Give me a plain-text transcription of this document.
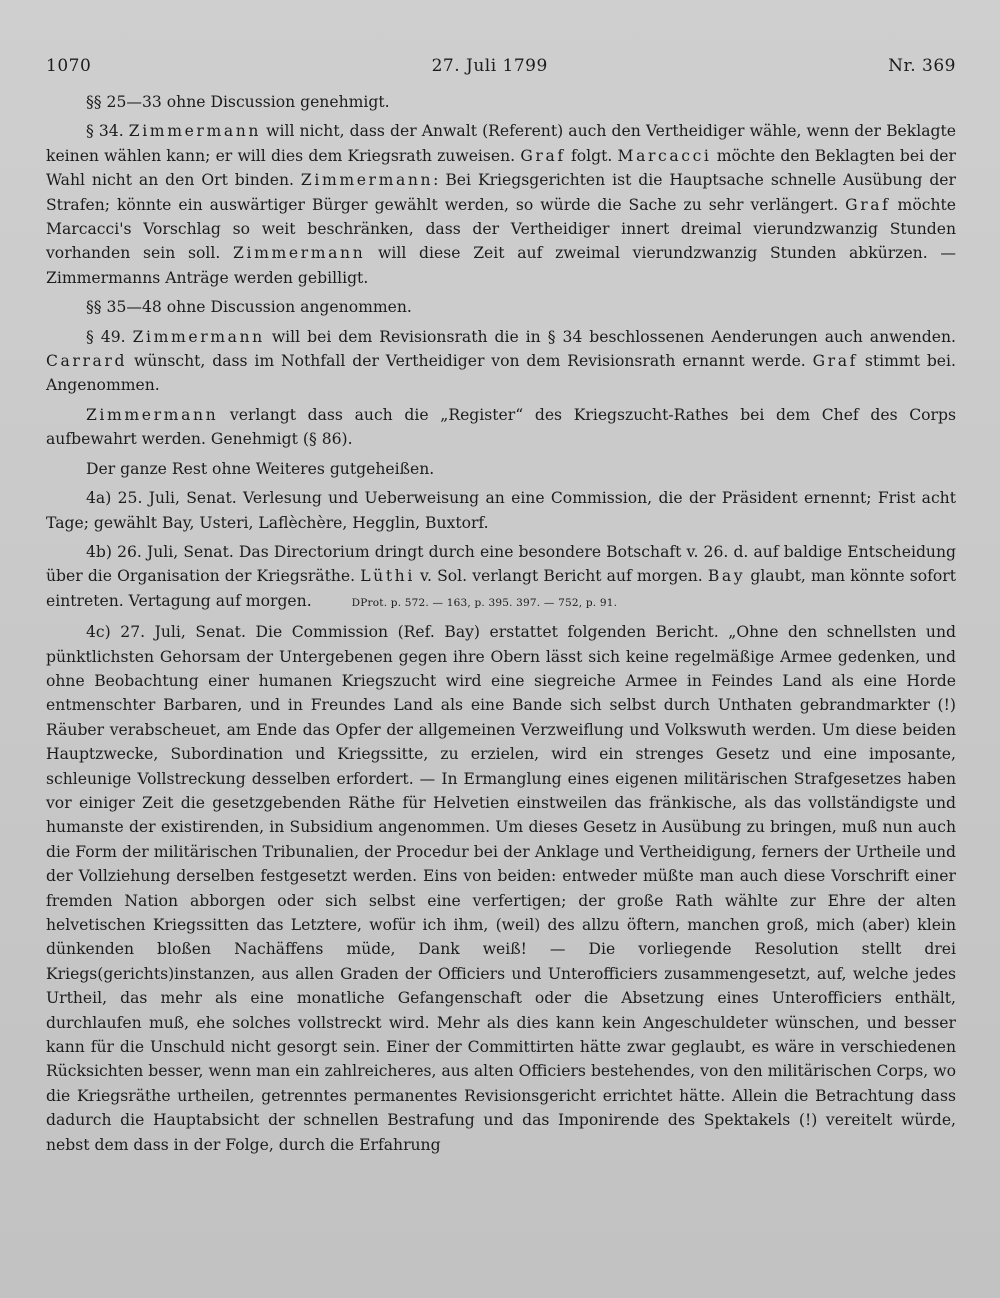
1070	27. Juli 1799	Nr. 369

§§ 25—33 ohne Discussion genehmigt.

§ 34. Zimmermann will nicht, dass der Anwalt (Referent) auch den Vertheidiger wähle, wenn der Beklagte keinen wählen kann; er will dies dem Kriegsrath zuweisen. Graf folgt. Marcacci möchte den Beklagten bei der Wahl nicht an den Ort binden. Zimmermann: Bei Kriegsgerichten ist die Hauptsache schnelle Ausübung der Strafen; könnte ein auswärtiger Bürger gewählt werden, so würde die Sache zu sehr verlängert. Graf möchte Marcacci's Vorschlag so weit beschränken, dass der Vertheidiger innert dreimal vierundzwanzig Stunden vorhanden sein soll. Zimmermann will diese Zeit auf zweimal vierundzwanzig Stunden abkürzen. — Zimmermanns Anträge werden gebilligt.

§§ 35—48 ohne Discussion angenommen.

§ 49. Zimmermann will bei dem Revisionsrath die in § 34 beschlossenen Aenderungen auch anwenden. Carrard wünscht, dass im Nothfall der Vertheidiger von dem Revisionsrath ernannt werde. Graf stimmt bei. Angenommen.

Zimmermann verlangt dass auch die „Register“ des Kriegszucht-Rathes bei dem Chef des Corps aufbewahrt werden. Genehmigt (§ 86).

Der ganze Rest ohne Weiteres gutgeheißen.

4a) 25. Juli, Senat. Verlesung und Ueberweisung an eine Commission, die der Präsident ernennt; Frist acht Tage; gewählt Bay, Usteri, Laflèchère, Hegglin, Buxtorf.

4b) 26. Juli, Senat. Das Directorium dringt durch eine besondere Botschaft v. 26. d. auf baldige Entscheidung über die Organisation der Kriegsräthe. Lüthi v. Sol. verlangt Bericht auf morgen. Bay glaubt, man könnte sofort eintreten. Vertagung auf morgen.	DProt. p. 572. — 163, p. 395. 397. — 752, p. 91.

4c) 27. Juli, Senat. Die Commission (Ref. Bay) erstattet folgenden Bericht. „Ohne den schnellsten und pünktlichsten Gehorsam der Untergebenen gegen ihre Obern lässt sich keine regelmäßige Armee gedenken, und ohne Beobachtung einer humanen Kriegszucht wird eine siegreiche Armee in Feindes Land als eine Horde entmenschter Barbaren, und in Freundes Land als eine Bande sich selbst durch Unthaten gebrandmarkter (!) Räuber verabscheuet, am Ende das Opfer der allgemeinen Verzweiflung und Volkswuth werden. Um diese beiden Hauptzwecke, Subordination und Kriegssitte, zu erzielen, wird ein strenges Gesetz und eine imposante, schleunige Vollstreckung desselben erfordert. — In Ermanglung eines eigenen militärischen Strafgesetzes haben vor einiger Zeit die gesetzgebenden Räthe für Helvetien einstweilen das fränkische, als das vollständigste und humanste der existirenden, in Subsidium angenommen. Um dieses Gesetz in Ausübung zu bringen, muß nun auch die Form der militärischen Tribunalien, der Procedur bei der Anklage und Vertheidigung, ferners der Urtheile und der Vollziehung derselben festgesetzt werden. Eins von beiden: entweder müßte man auch diese Vorschrift einer fremden Nation abborgen oder sich selbst eine verfertigen; der große Rath wählte zur Ehre der alten helvetischen Kriegssitten das Letztere, wofür ich ihm, (weil) des allzu öftern, manchen groß, mich (aber) klein dünkenden bloßen Nachäffens müde, Dank weiß! — Die vorliegende Resolution stellt drei Kriegs(gerichts)instanzen, aus allen Graden der Officiers und Unterofficiers zusammengesetzt, auf, welche jedes Urtheil, das mehr als eine monatliche Gefangenschaft oder die Absetzung eines Unterofficiers enthält, durchlaufen muß, ehe solches vollstreckt wird. Mehr als dies kann kein Angeschuldeter wünschen, und besser kann für die Unschuld nicht gesorgt sein. Einer der Committirten hätte zwar geglaubt, es wäre in verschiedenen Rücksichten besser, wenn man ein zahlreicheres, aus alten Officiers bestehendes, von den militärischen Corps, wo die Kriegsräthe urtheilen, getrenntes permanentes Revisionsgericht errichtet hätte. Allein die Betrachtung dass dadurch die Hauptabsicht der schnellen Bestrafung und das Imponirende des Spektakels (!) vereitelt würde, nebst dem dass in der Folge, durch die Erfahrung
